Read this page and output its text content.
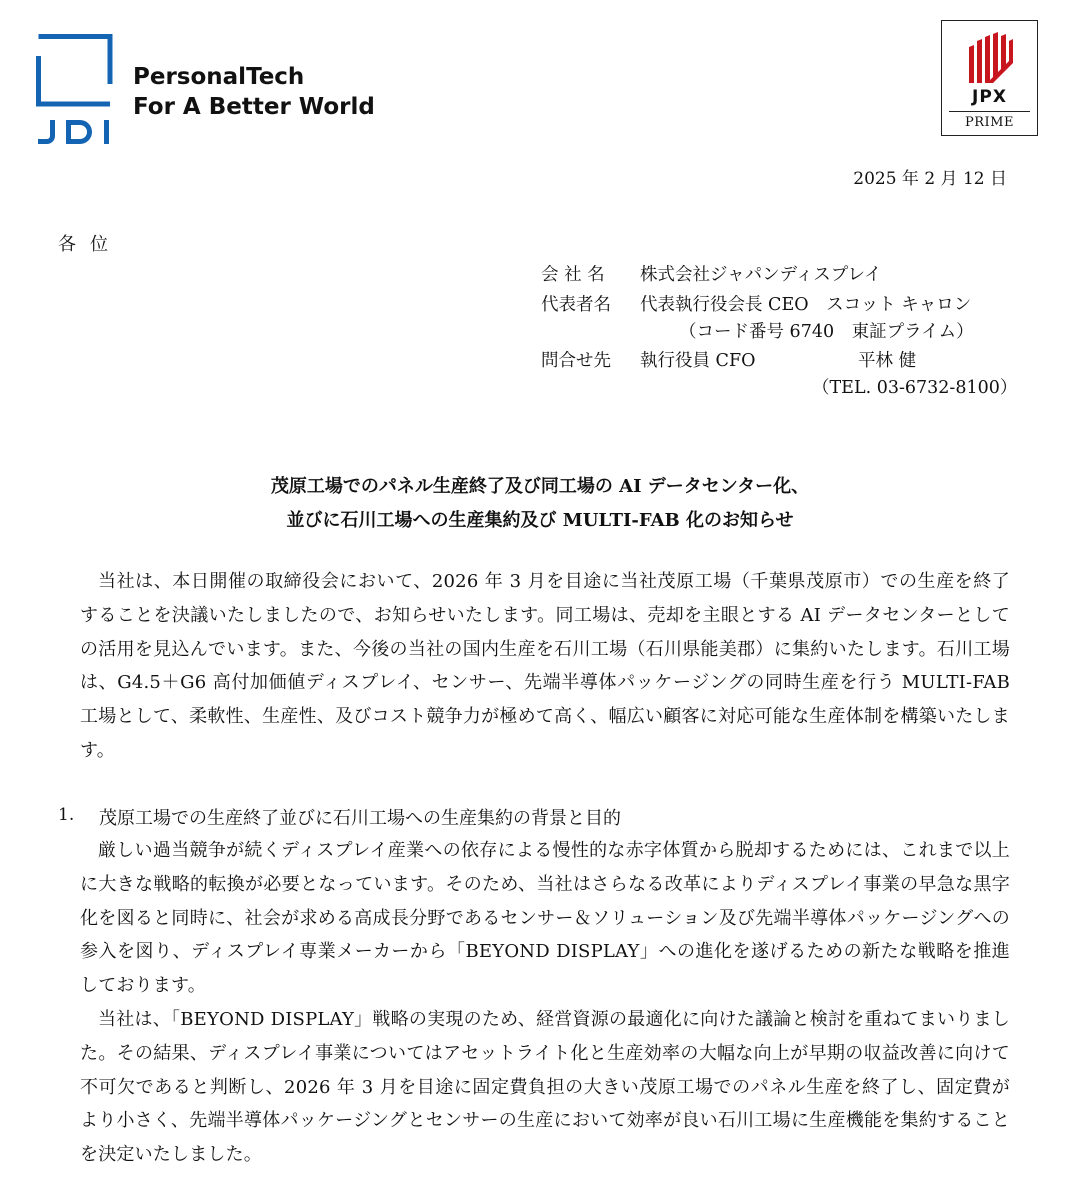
PersonalTech
For A Better World	JPX
PRIME
2025 年 2 月 12 日
各位
会 社 名 株式会社ジャパンディスプレイ
代表者名 代表執行役会長 CEO　スコット キャロン
（コード番号 6740　東証プライム）
問合せ先 執行役員 CFO	平林 健
（TEL. 03-6732-8100）
茂原工場でのパネル生産終了及び同工場の AI データセンター化、
並びに石川工場への生産集約及び MULTI-FAB 化のお知らせ

当社は、本日開催の取締役会において、2026 年 3 月を目途に当社茂原工場（千葉県茂原市）での生産を終了することを決議いたしましたので、お知らせいたします。同工場は、売却を主眼とする AI データセンターとしての活用を見込んでいます。また、今後の当社の国内生産を石川工場（石川県能美郡）に集約いたします。石川工場は、G4.5＋G6 高付加価値ディスプレイ、センサー、先端半導体パッケージングの同時生産を行う MULTI-FAB 工場として、柔軟性、生産性、及びコスト競争力が極めて高く、幅広い顧客に対応可能な生産体制を構築いたします。

1. 茂原工場での生産終了並びに石川工場への生産集約の背景と目的

厳しい過当競争が続くディスプレイ産業への依存による慢性的な赤字体質から脱却するためには、これまで以上に大きな戦略的転換が必要となっています。そのため、当社はさらなる改革によりディスプレイ事業の早急な黒字化を図ると同時に、社会が求める高成長分野であるセンサー＆ソリューション及び先端半導体パッケージングへの参入を図り、ディスプレイ専業メーカーから「BEYOND DISPLAY」への進化を遂げるための新たな戦略を推進しております。

当社は、「BEYOND DISPLAY」戦略の実現のため、経営資源の最適化に向けた議論と検討を重ねてまいりました。その結果、ディスプレイ事業についてはアセットライト化と生産効率の大幅な向上が早期の収益改善に向けて不可欠であると判断し、2026 年 3 月を目途に固定費負担の大きい茂原工場でのパネル生産を終了し、固定費がより小さく、先端半導体パッケージングとセンサーの生産において効率が良い石川工場に生産機能を集約することを決定いたしました。
